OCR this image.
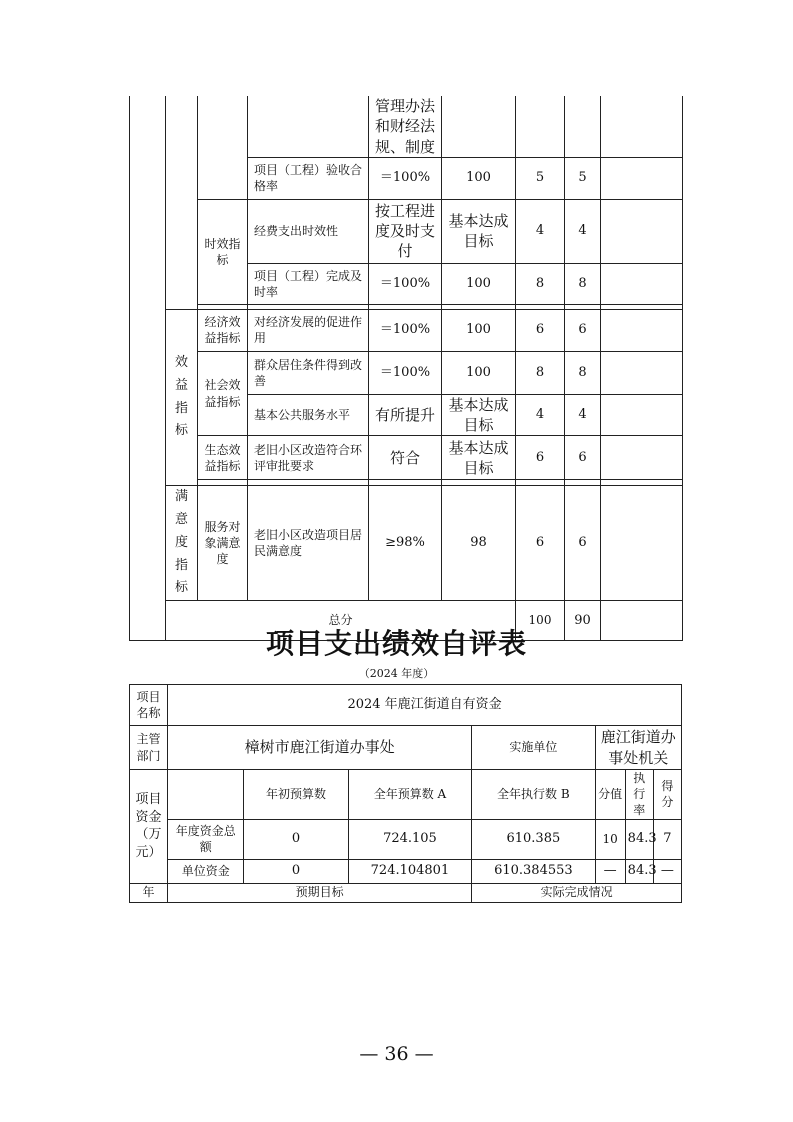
				管理办法和财经法规、制度					
			项目（工程）验收合格率	＝100%	100	5	5		
		时效指标	经费支出时效性	按工程进度及时支付	基本达成目标	4	4		
			项目（工程）完成及时率	＝100%	100	8	8		

	效益指标	经济效益指标	对经济发展的促进作用	＝100%	100	6	6		
		社会效益指标	群众居住条件得到改善	＝100%	100	8	8		
			基本公共服务水平	有所提升	基本达成目标	4	4		
		生态效益指标	老旧小区改造符合环评审批要求	符合	基本达成目标	6	6		

	满意度指标	服务对象满意度	老旧小区改造项目居民满意度	≥98%	98	6	6		
	总分					100	90		
项目支出绩效自评表
（2024 年度）
项目名称	2024 年鹿江街道自有资金						
主管部门	樟树市鹿江街道办事处			实施单位	鹿江街道办事处机关		
项目资金（万元）		年初预算数	全年预算数 A	全年执行数 B	分值	执行率	得分
	年度资金总额	0	724.105	610.385	10	84.3	7
	单位资金	0	724.104801	610.384553	—	84.3	—
年	预期目标			实际完成情况			
— 36 —
